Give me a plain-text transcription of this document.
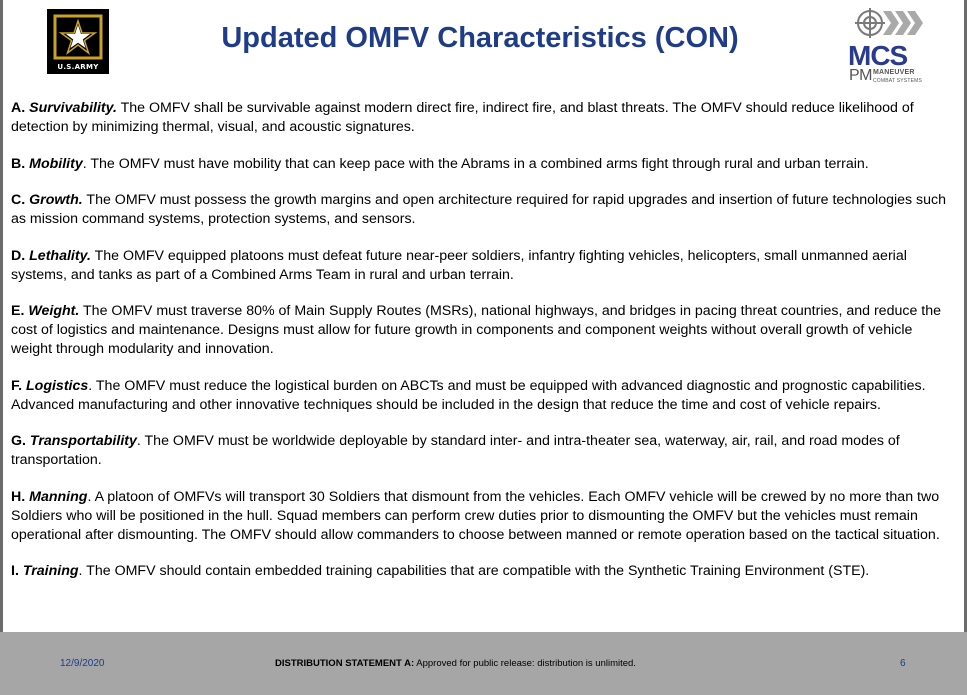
U.S.ARMY
Updated OMFV Characteristics (CON)
MCS
PM MANEUVER
COMBAT SYSTEMS

A. Survivability. The OMFV shall be survivable against modern direct fire, indirect fire, and blast threats. The OMFV should reduce likelihood of detection by minimizing thermal, visual, and acoustic signatures.

B. Mobility. The OMFV must have mobility that can keep pace with the Abrams in a combined arms fight through rural and urban terrain.

C. Growth. The OMFV must possess the growth margins and open architecture required for rapid upgrades and insertion of future technologies such as mission command systems, protection systems, and sensors.

D. Lethality. The OMFV equipped platoons must defeat future near-peer soldiers, infantry fighting vehicles, helicopters, small unmanned aerial systems, and tanks as part of a Combined Arms Team in rural and urban terrain.

E. Weight. The OMFV must traverse 80% of Main Supply Routes (MSRs), national highways, and bridges in pacing threat countries, and reduce the cost of logistics and maintenance. Designs must allow for future growth in components and component weights without overall growth of vehicle weight through modularity and innovation.

F. Logistics. The OMFV must reduce the logistical burden on ABCTs and must be equipped with advanced diagnostic and prognostic capabilities. Advanced manufacturing and other innovative techniques should be included in the design that reduce the time and cost of vehicle repairs.

G. Transportability. The OMFV must be worldwide deployable by standard inter- and intra-theater sea, waterway, air, rail, and road modes of transportation.

H. Manning. A platoon of OMFVs will transport 30 Soldiers that dismount from the vehicles. Each OMFV vehicle will be crewed by no more than two Soldiers who will be positioned in the hull. Squad members can perform crew duties prior to dismounting the OMFV but the vehicles must remain operational after dismounting. The OMFV should allow commanders to choose between manned or remote operation based on the tactical situation.

I. Training. The OMFV should contain embedded training capabilities that are compatible with the Synthetic Training Environment (STE).

12/9/2020	DISTRIBUTION STATEMENT A: Approved for public release: distribution is unlimited.	6
